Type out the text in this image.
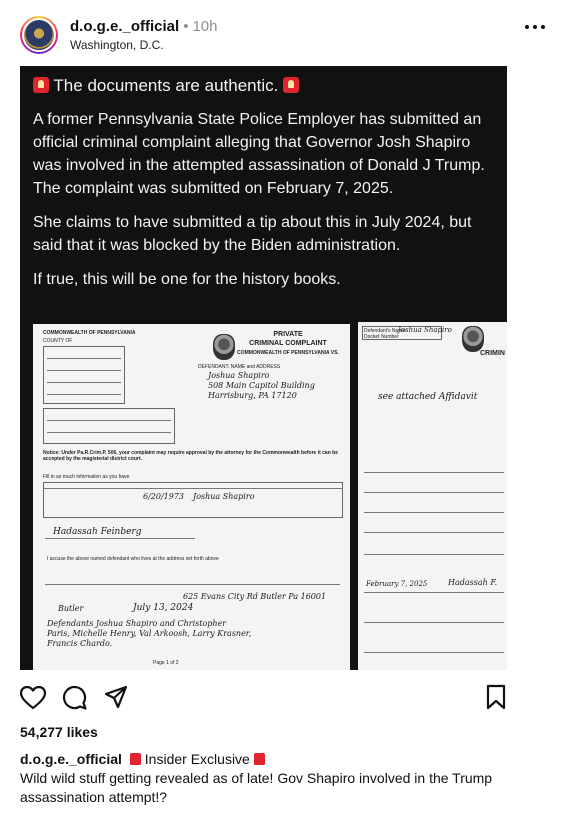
d.o.g.e._official • 10h
Washington, D.C.

The documents are authentic.

A former Pennsylvania State Police Employer has submitted an official criminal complaint alleging that Governor Josh Shapiro was involved in the attempted assassination of Donald J Trump. The complaint was submitted on February 7, 2025.

She claims to have submitted a tip about this in July 2024, but said that it was blocked by the Biden administration.

If true, this will be one for the history books.

COMMONWEALTH OF PENNSYLVANIA
COUNTY OF
PRIVATE
CRIMINAL COMPLAINT
COMMONWEALTH OF PENNSYLVANIA VS.
DEFENDANT: NAME and ADDRESS
Joshua Shapiro
508 Main Capitol Building
Harrisburg, PA 17120
Notice: Under Pa.R.Crim.P. 506, your complaint may require approval by the attorney for the Commonwealth before it can be accepted by the magisterial district court.
Fill in as much information as you have
6/20/1973 Joshua Shapiro
Hadassah Feinberg
I accuse the above named defendant who lives at the address set forth above
625 Evans City Rd Butler Pa 16001
Butler	July 13, 2024
Defendants Joshua Shapiro and Christopher
Paris, Michelle Henry, Val Arkoosh, Larry Krasner,
Francis Chardo.
Page 1 of 2
Defendant's Name
Joshua Shapiro
Docket Number
CRIMIN
see attached Affidavit
February 7, 2025	Hadassah F.
54,277 likes
d.o.g.e._official Insider Exclusive
Wild wild stuff getting revealed as of late! Gov Shapiro involved in the Trump assassination attempt!?
